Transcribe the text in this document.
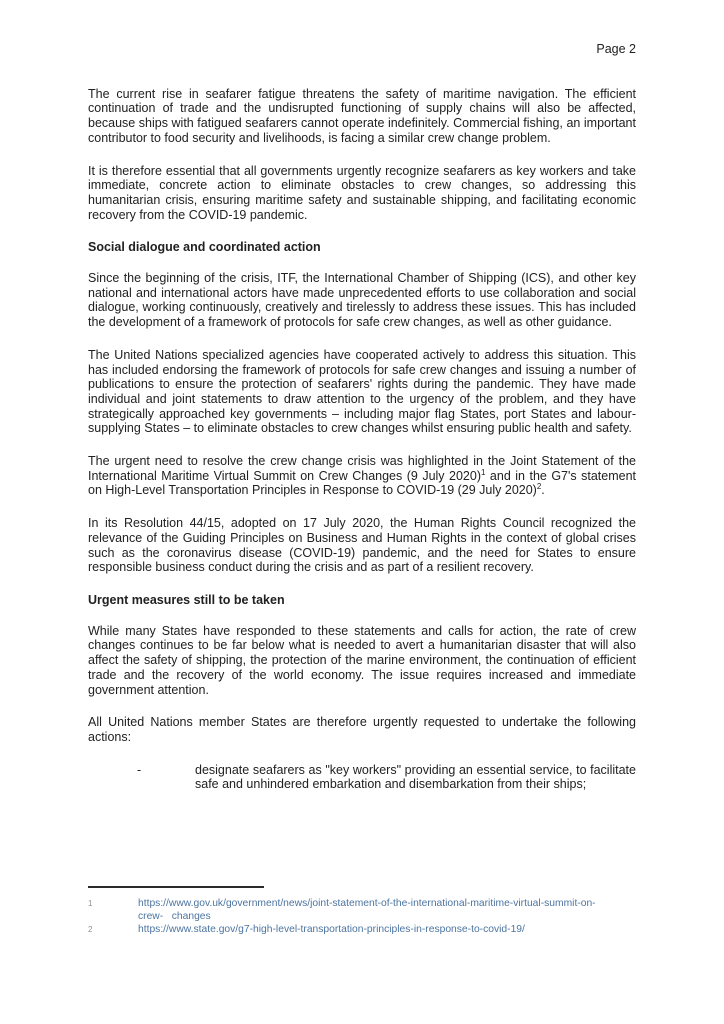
Page 2

The current rise in seafarer fatigue threatens the safety of maritime navigation. The efficient continuation of trade and the undisrupted functioning of supply chains will also be affected, because ships with fatigued seafarers cannot operate indefinitely. Commercial fishing, an important contributor to food security and livelihoods, is facing a similar crew change problem.

It is therefore essential that all governments urgently recognize seafarers as key workers and take immediate, concrete action to eliminate obstacles to crew changes, so addressing this humanitarian crisis, ensuring maritime safety and sustainable shipping, and facilitating economic recovery from the COVID-19 pandemic.

Social dialogue and coordinated action

Since the beginning of the crisis, ITF, the International Chamber of Shipping (ICS), and other key national and international actors have made unprecedented efforts to use collaboration and social dialogue, working continuously, creatively and tirelessly to address these issues. This has included the development of a framework of protocols for safe crew changes, as well as other guidance.

The United Nations specialized agencies have cooperated actively to address this situation. This has included endorsing the framework of protocols for safe crew changes and issuing a number of publications to ensure the protection of seafarers' rights during the pandemic. They have made individual and joint statements to draw attention to the urgency of the problem, and they have strategically approached key governments – including major flag States, port States and labour-supplying States – to eliminate obstacles to crew changes whilst ensuring public health and safety.

The urgent need to resolve the crew change crisis was highlighted in the Joint Statement of the International Maritime Virtual Summit on Crew Changes (9 July 2020)$^1$ and in the G7's statement on High-Level Transportation Principles in Response to COVID-19 (29 July 2020)$^2$.

In its Resolution 44/15, adopted on 17 July 2020, the Human Rights Council recognized the relevance of the Guiding Principles on Business and Human Rights in the context of global crises such as the coronavirus disease (COVID-19) pandemic, and the need for States to ensure responsible business conduct during the crisis and as part of a resilient recovery.

Urgent measures still to be taken

While many States have responded to these statements and calls for action, the rate of crew changes continues to be far below what is needed to avert a humanitarian disaster that will also affect the safety of shipping, the protection of the marine environment, the continuation of efficient trade and the recovery of the world economy. The issue requires increased and immediate government attention.

All United Nations member States are therefore urgently requested to undertake the following actions:

-	designate seafarers as "key workers" providing an essential service, to facilitate safe and unhindered embarkation and disembarkation from their ships;
1	https://www.gov.uk/government/news/joint-statement-of-the-international-maritime-virtual-summit-on-
crew-   changes
2	https://www.state.gov/g7-high-level-transportation-principles-in-response-to-covid-19/
